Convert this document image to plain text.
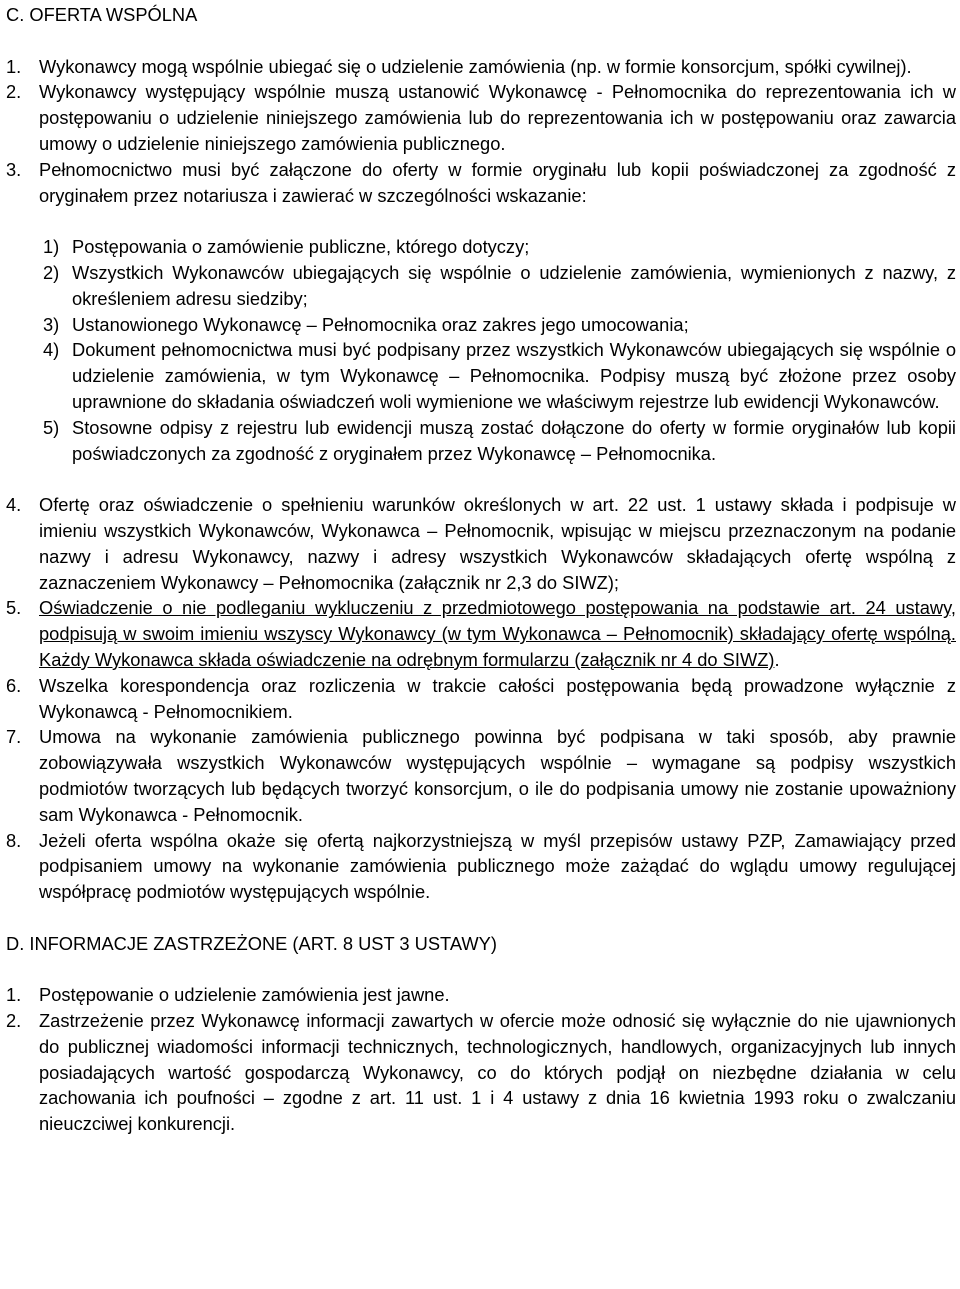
C. OFERTA WSPÓLNA
1. Wykonawcy mogą wspólnie ubiegać się o udzielenie zamówienia (np. w formie konsorcjum, spółki cywilnej).
2. Wykonawcy występujący wspólnie muszą ustanowić Wykonawcę - Pełnomocnika do reprezentowania ich w postępowaniu o udzielenie niniejszego zamówienia lub do reprezentowania ich w postępowaniu oraz zawarcia umowy o udzielenie niniejszego zamówienia publicznego.
3. Pełnomocnictwo musi być załączone do oferty w formie oryginału lub kopii poświadczonej za zgodność z oryginałem przez notariusza i zawierać w szczególności wskazanie:
1) Postępowania o zamówienie publiczne, którego dotyczy;
2) Wszystkich Wykonawców ubiegających się wspólnie o udzielenie zamówienia, wymienionych z nazwy, z określeniem adresu siedziby;
3) Ustanowionego Wykonawcę – Pełnomocnika oraz zakres jego umocowania;
4) Dokument pełnomocnictwa musi być podpisany przez wszystkich Wykonawców ubiegających się wspólnie o udzielenie zamówienia, w tym Wykonawcę – Pełnomocnika. Podpisy muszą być złożone przez osoby uprawnione do składania oświadczeń woli wymienione we właściwym rejestrze lub ewidencji Wykonawców.
5) Stosowne odpisy z rejestru lub ewidencji muszą zostać dołączone do oferty w formie oryginałów lub kopii poświadczonych za zgodność z oryginałem przez Wykonawcę – Pełnomocnika.
4. Ofertę oraz oświadczenie o spełnieniu warunków określonych w art. 22 ust. 1 ustawy składa i podpisuje w imieniu wszystkich Wykonawców, Wykonawca – Pełnomocnik, wpisując w miejscu przeznaczonym na podanie nazwy i adresu Wykonawcy, nazwy i adresy wszystkich Wykonawców składających ofertę wspólną z zaznaczeniem Wykonawcy – Pełnomocnika (załącznik nr 2,3 do SIWZ);
5. Oświadczenie o nie podleganiu wykluczeniu z przedmiotowego postępowania na podstawie art. 24 ustawy, podpisują w swoim imieniu wszyscy Wykonawcy (w tym Wykonawca – Pełnomocnik) składający ofertę wspólną. Każdy Wykonawca składa oświadczenie na odrębnym formularzu (załącznik nr 4 do SIWZ).
6. Wszelka korespondencja oraz rozliczenia w trakcie całości postępowania będą prowadzone wyłącznie z Wykonawcą - Pełnomocnikiem.
7. Umowa na wykonanie zamówienia publicznego powinna być podpisana w taki sposób, aby prawnie zobowiązywała wszystkich Wykonawców występujących wspólnie – wymagane są podpisy wszystkich podmiotów tworzących lub będących tworzyć konsorcjum, o ile do podpisania umowy nie zostanie upoważniony sam Wykonawca - Pełnomocnik.
8. Jeżeli oferta wspólna okaże się ofertą najkorzystniejszą w myśl przepisów ustawy PZP, Zamawiający przed podpisaniem umowy na wykonanie zamówienia publicznego może zażądać do wglądu umowy regulującej współpracę podmiotów występujących wspólnie.
D. INFORMACJE ZASTRZEŻONE (ART. 8 UST 3 USTAWY)
1. Postępowanie o udzielenie zamówienia jest jawne.
2. Zastrzeżenie przez Wykonawcę informacji zawartych w ofercie może odnosić się wyłącznie do nie ujawnionych do publicznej wiadomości informacji technicznych, technologicznych, handlowych, organizacyjnych lub innych posiadających wartość gospodarczą Wykonawcy, co do których podjął on niezbędne działania w celu zachowania ich poufności – zgodne z art. 11 ust. 1 i 4 ustawy z dnia 16 kwietnia 1993 roku o zwalczaniu nieuczciwej konkurencji.
